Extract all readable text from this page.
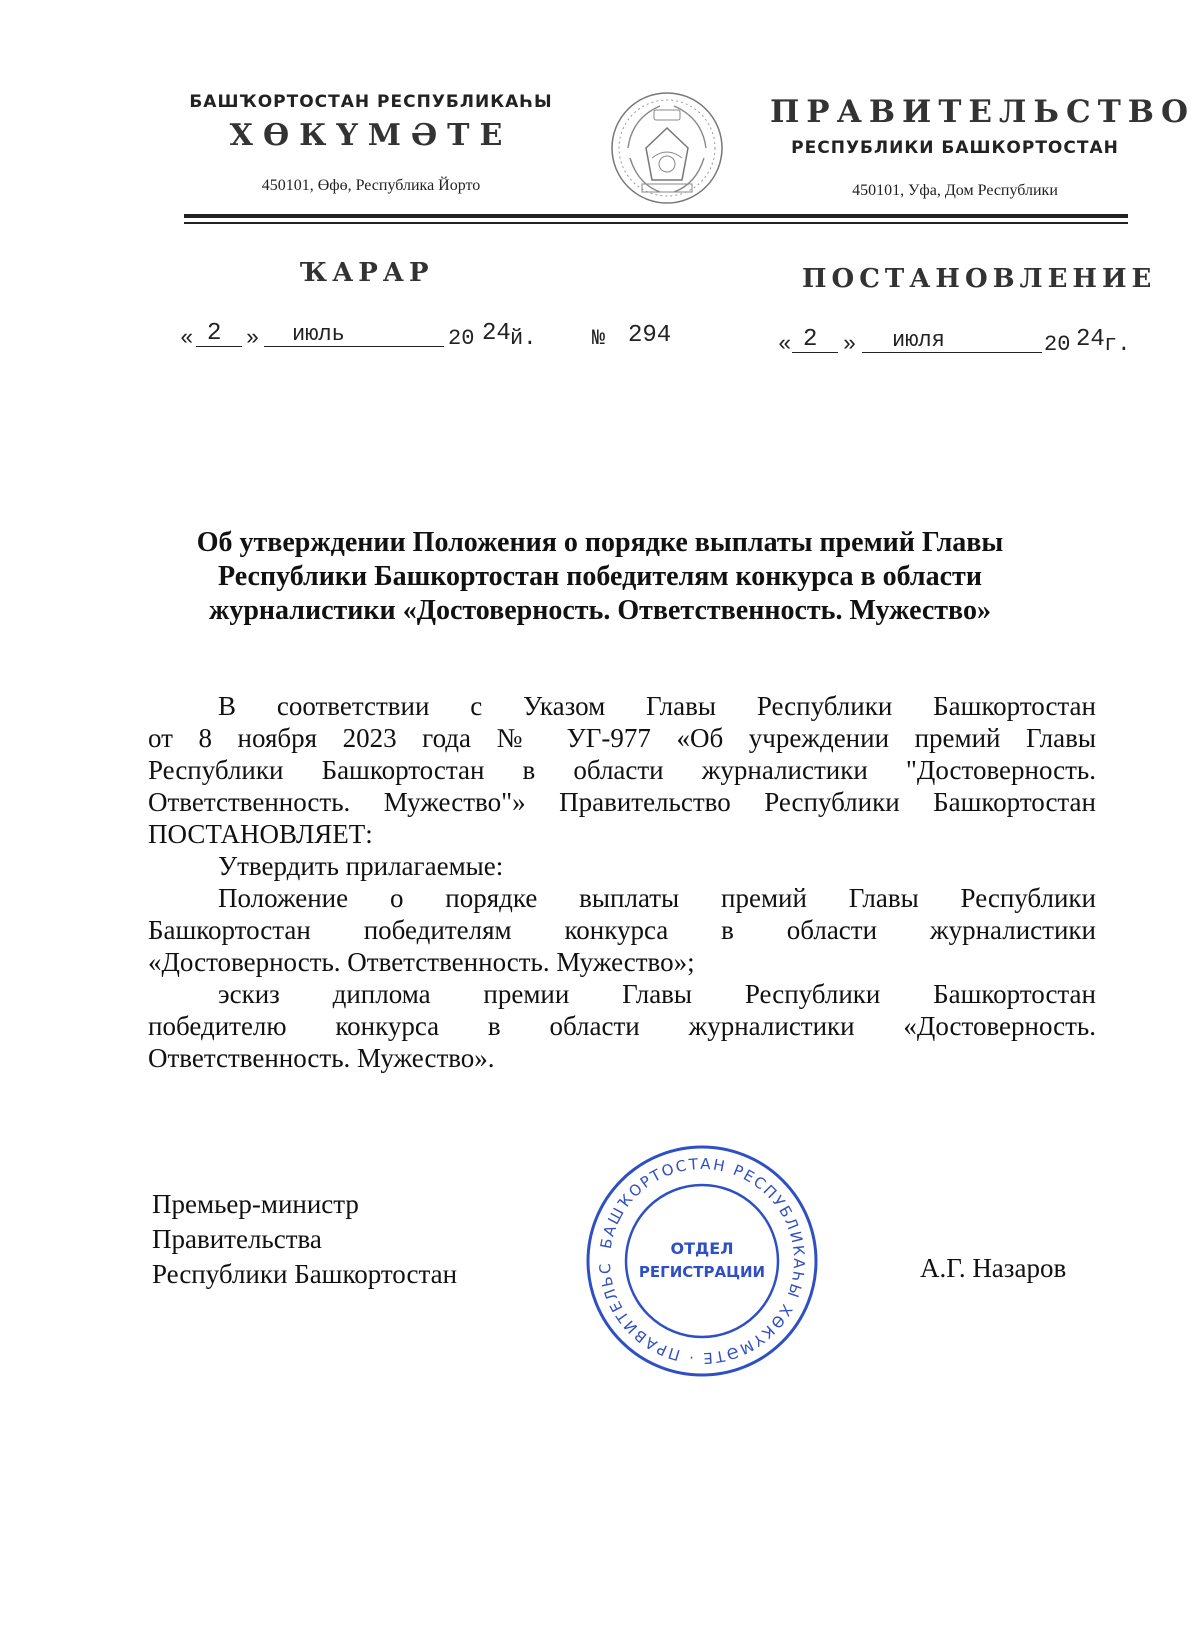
БАШҠОРТОСТАН РЕСПУБЛИКАҺЫ
ХӨКҮМӘТЕ
450101, Өфө, Республика Йорто
ПРАВИТЕЛЬСТВО
РЕСПУБЛИКИ БАШКОРТОСТАН
450101, Уфа, Дом Республики
ҠАРАР	ПОСТАНОВЛЕНИЕ
« 2 » июль	20 24 й.	№ 294	« 2 » июля	20 24 г.
Об утверждении Положения о порядке выплаты премий Главы
Республики Башкортостан победителям конкурса в области
журналистики «Достоверность. Ответственность. Мужество»
В соответствии с Указом Главы Республики Башкортостан
от 8 ноября 2023 года № УГ-977 «Об учреждении премий Главы
Республики Башкортостан в области журналистики "Достоверность.
Ответственность. Мужество"» Правительство Республики Башкортостан
ПОСТАНОВЛЯЕТ:
Утвердить прилагаемые:
Положение о порядке выплаты премий Главы Республики
Башкортостан победителям конкурса в области журналистики
«Достоверность. Ответственность. Мужество»;
эскиз диплома премии Главы Республики Башкортостан
победителю конкурса в области журналистики «Достоверность.
Ответственность. Мужество».
Премьер-министр
Правительства
Республики Башкортостан	А.Г. Назаров
БАШҠОРТОСТАН РЕСПУБЛИКАҺЫ ХӨКҮМӘТЕ · ПРАВИТЕЛЬС
ОТДЕЛ
РЕГИСТРАЦИИ
